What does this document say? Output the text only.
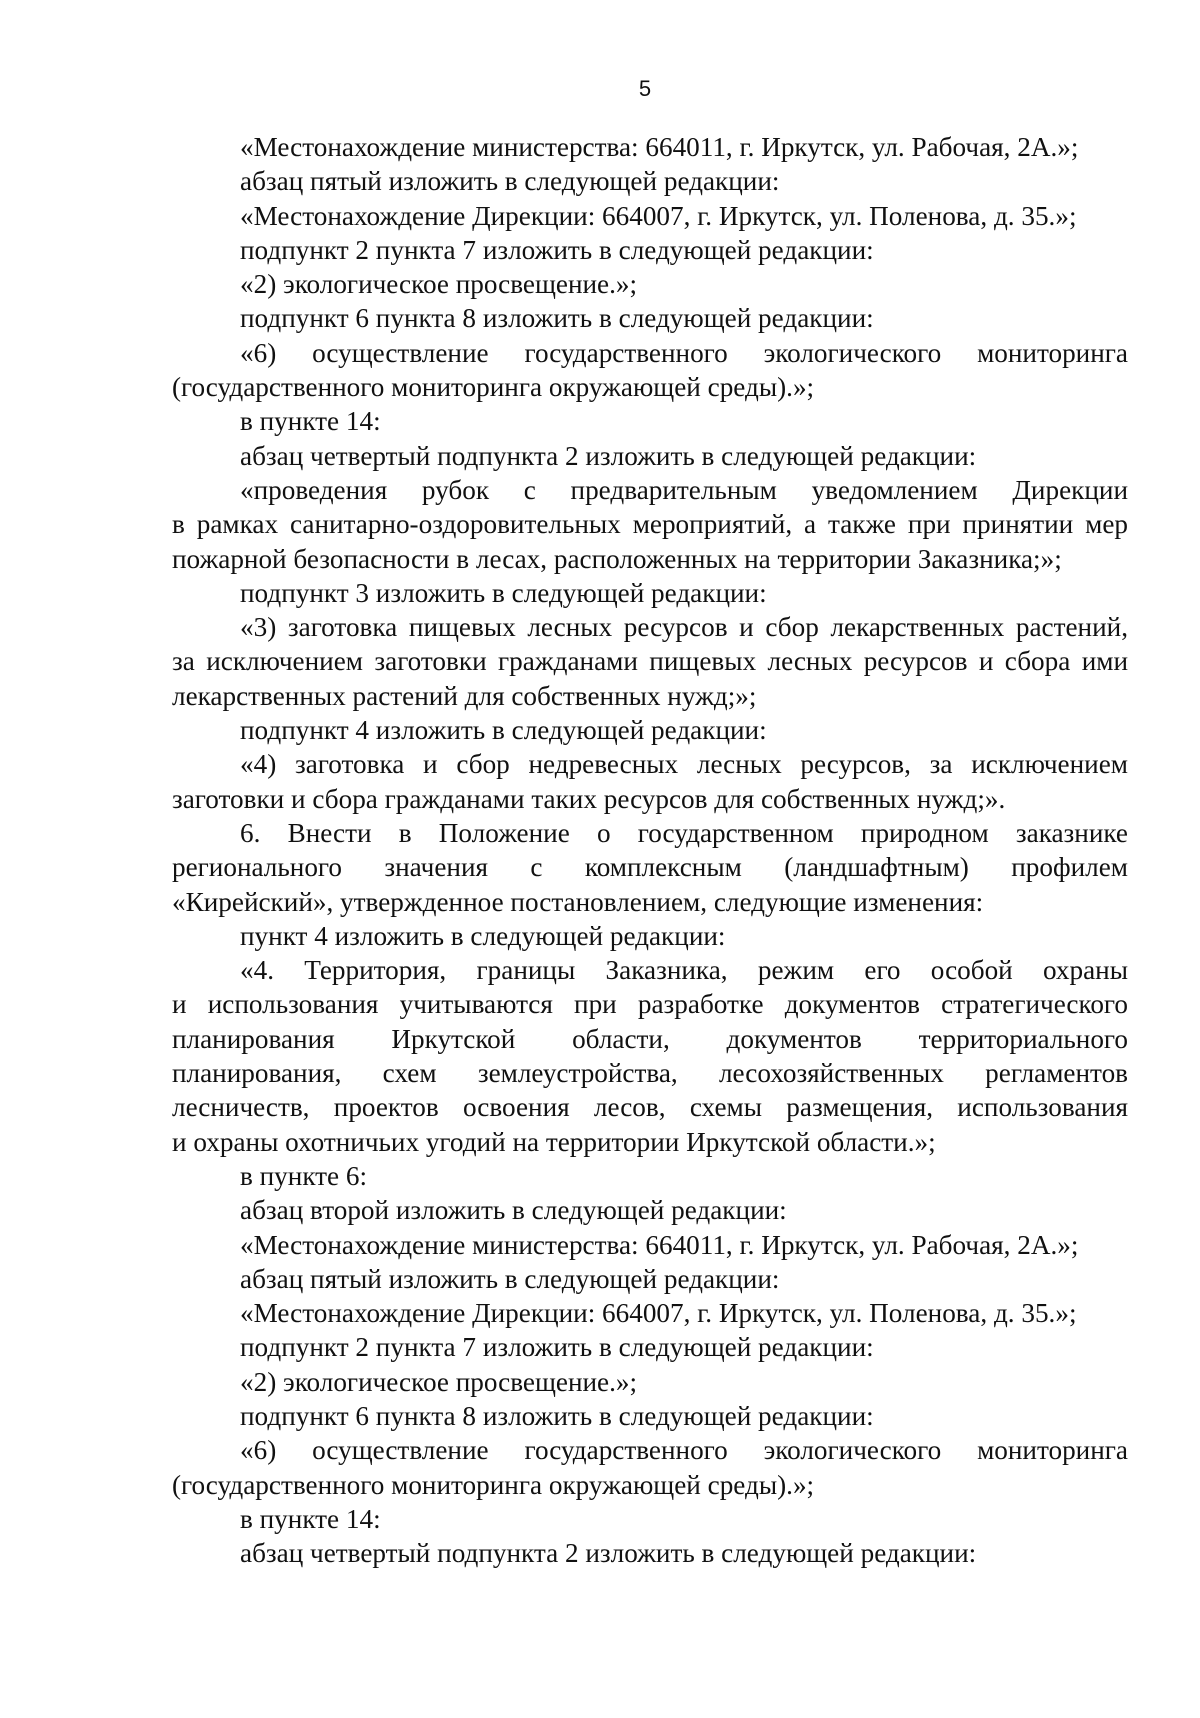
5
«Местонахождение министерства: 664011, г. Иркутск, ул. Рабочая, 2А.»;
абзац пятый изложить в следующей редакции:
«Местонахождение Дирекции: 664007, г. Иркутск, ул. Поленова, д. 35.»;
подпункт 2 пункта 7 изложить в следующей редакции:
«2) экологическое просвещение.»;
подпункт 6 пункта 8 изложить в следующей редакции:
«6) осуществление государственного экологического мониторинга
(государственного мониторинга окружающей среды).»;
в пункте 14:
абзац четвертый подпункта 2 изложить в следующей редакции:
«проведения рубок с предварительным уведомлением Дирекции
в рамках санитарно-оздоровительных мероприятий, а также при принятии мер
пожарной безопасности в лесах, расположенных на территории Заказника;»;
подпункт 3 изложить в следующей редакции:
«3) заготовка пищевых лесных ресурсов и сбор лекарственных растений,
за исключением заготовки гражданами пищевых лесных ресурсов и сбора ими
лекарственных растений для собственных нужд;»;
подпункт 4 изложить в следующей редакции:
«4) заготовка и сбор недревесных лесных ресурсов, за исключением
заготовки и сбора гражданами таких ресурсов для собственных нужд;».
6. Внести в Положение о государственном природном заказнике
регионального значения с комплексным (ландшафтным) профилем
«Кирейский», утвержденное постановлением, следующие изменения:
пункт 4 изложить в следующей редакции:
«4. Территория, границы Заказника, режим его особой охраны
и использования учитываются при разработке документов стратегического
планирования Иркутской области, документов территориального
планирования, схем землеустройства, лесохозяйственных регламентов
лесничеств, проектов освоения лесов, схемы размещения, использования
и охраны охотничьих угодий на территории Иркутской области.»;
в пункте 6:
абзац второй изложить в следующей редакции:
«Местонахождение министерства: 664011, г. Иркутск, ул. Рабочая, 2А.»;
абзац пятый изложить в следующей редакции:
«Местонахождение Дирекции: 664007, г. Иркутск, ул. Поленова, д. 35.»;
подпункт 2 пункта 7 изложить в следующей редакции:
«2) экологическое просвещение.»;
подпункт 6 пункта 8 изложить в следующей редакции:
«6) осуществление государственного экологического мониторинга
(государственного мониторинга окружающей среды).»;
в пункте 14:
абзац четвертый подпункта 2 изложить в следующей редакции:
